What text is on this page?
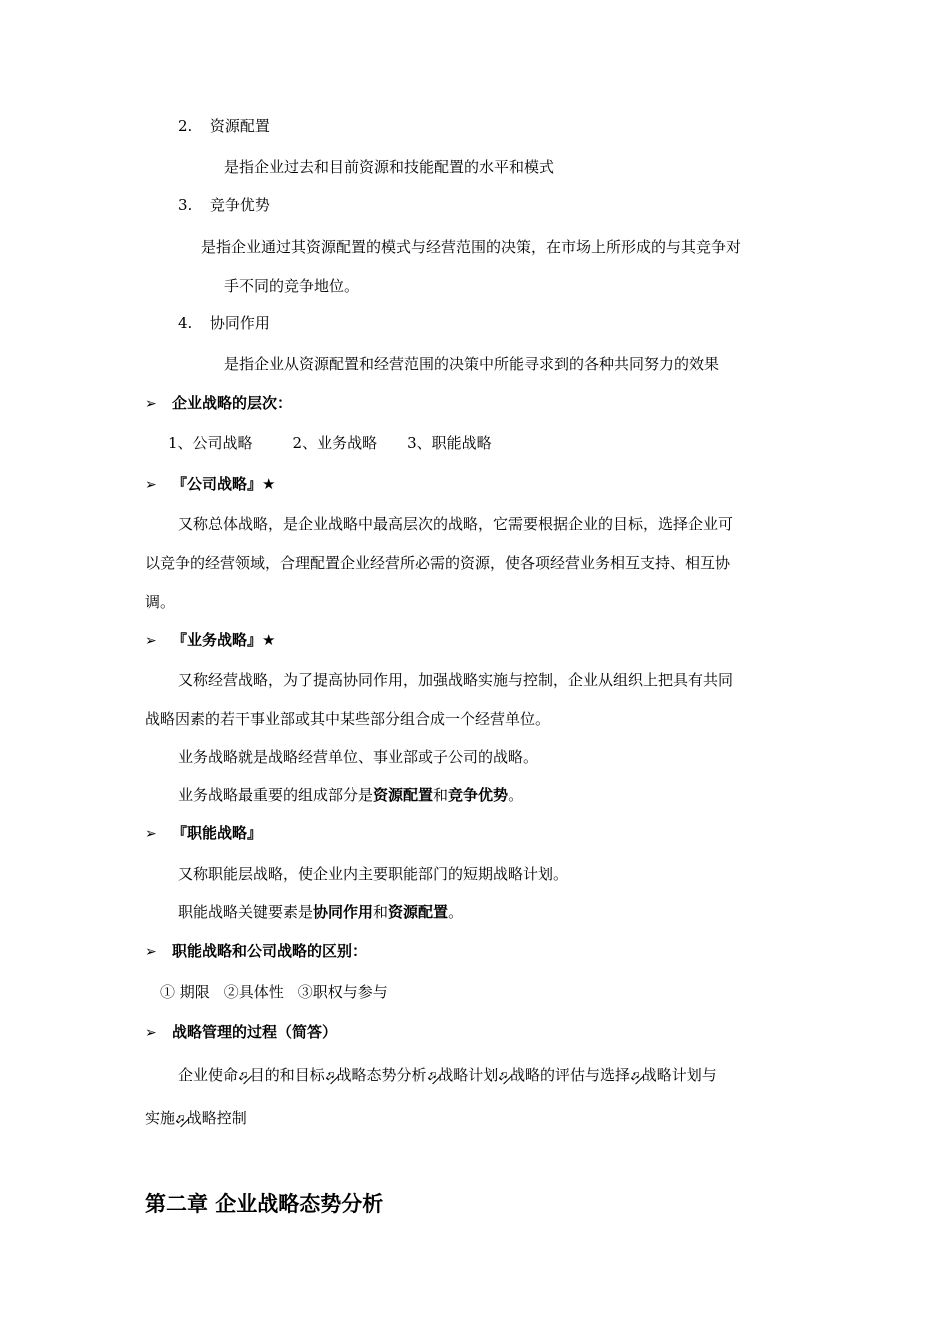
2. 资源配置
是指企业过去和目前资源和技能配置的水平和模式
3. 竞争优势
是指企业通过其资源配置的模式与经营范围的决策，在市场上所形成的与其竞争对
手不同的竞争地位。
4. 协同作用
是指企业从资源配置和经营范围的决策中所能寻求到的各种共同努力的效果
➢ 企业战略的层次：
1、公司战略	2、业务战略 3、职能战略
➢ 『公司战略』★
又称总体战略，是企业战略中最高层次的战略，它需要根据企业的目标，选择企业可
以竞争的经营领域，合理配置企业经营所必需的资源，使各项经营业务相互支持、相互协
调。
➢ 『业务战略』★
又称经营战略，为了提高协同作用，加强战略实施与控制，企业从组织上把具有共同
战略因素的若干事业部或其中某些部分组合成一个经营单位。
业务战略就是战略经营单位、事业部或子公司的战略。
业务战略最重要的组成部分是资源配置和竞争优势。
➢ 『职能战略』
又称职能层战略，使企业内主要职能部门的短期战略计划。
职能战略关键要素是协同作用和资源配置。
➢ 职能战略和公司战略的区别：
① 期限 ②具体性 ③职权与参与
➢ 战略管理的过程（简答）
企业使命➪目的和目标➪战略态势分析➪战略计划➪战略的评估与选择➪战略计划与
实施➪战略控制
第二章 企业战略态势分析
